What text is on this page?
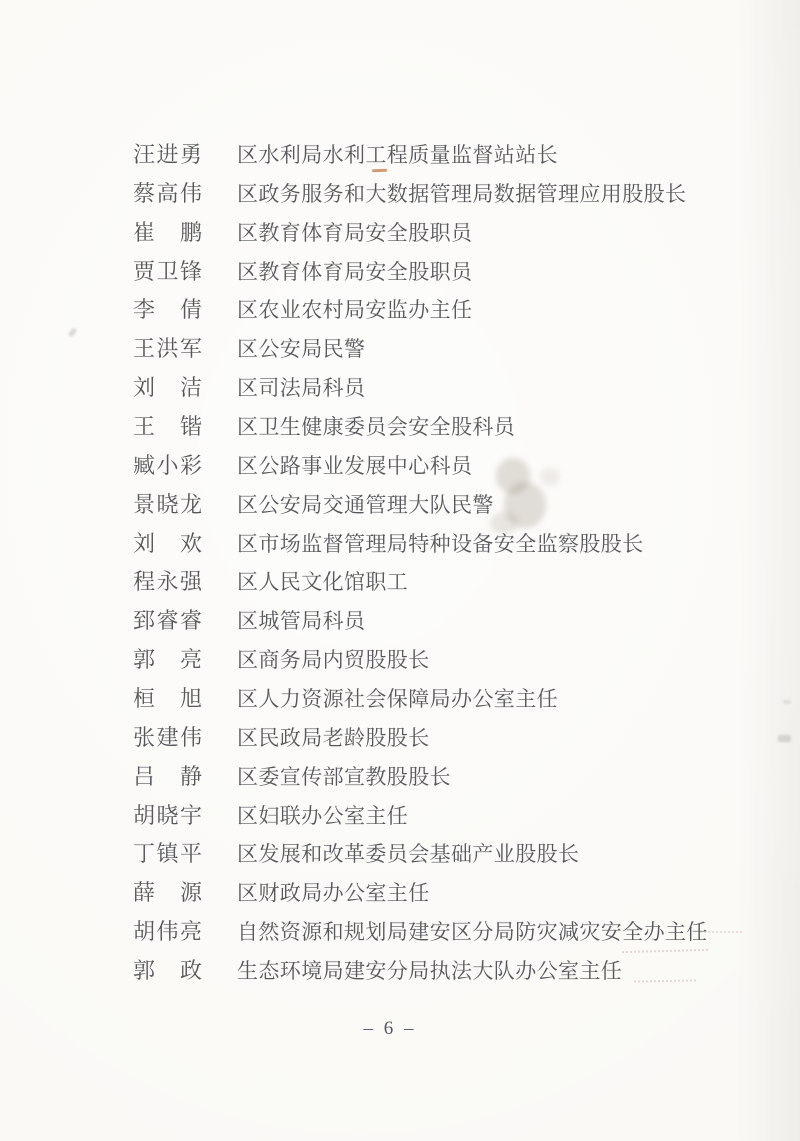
汪进勇	区水利局水利工程质量监督站站长
蔡高伟	区政务服务和大数据管理局数据管理应用股股长
崔　鹏	区教育体育局安全股职员
贾卫锋	区教育体育局安全股职员
李　倩	区农业农村局安监办主任
王洪军	区公安局民警
刘　洁	区司法局科员
王　锴	区卫生健康委员会安全股科员
臧小彩	区公路事业发展中心科员
景晓龙	区公安局交通管理大队民警
刘　欢	区市场监督管理局特种设备安全监察股股长
程永强	区人民文化馆职工
郅睿睿	区城管局科员
郭　亮	区商务局内贸股股长
桓　旭	区人力资源社会保障局办公室主任
张建伟	区民政局老龄股股长
吕　静	区委宣传部宣教股股长
胡晓宇	区妇联办公室主任
丁镇平	区发展和改革委员会基础产业股股长
薛　源	区财政局办公室主任
胡伟亮	自然资源和规划局建安区分局防灾减灾安全办主任
郭　政	生态环境局建安分局执法大队办公室主任
– 6 –
